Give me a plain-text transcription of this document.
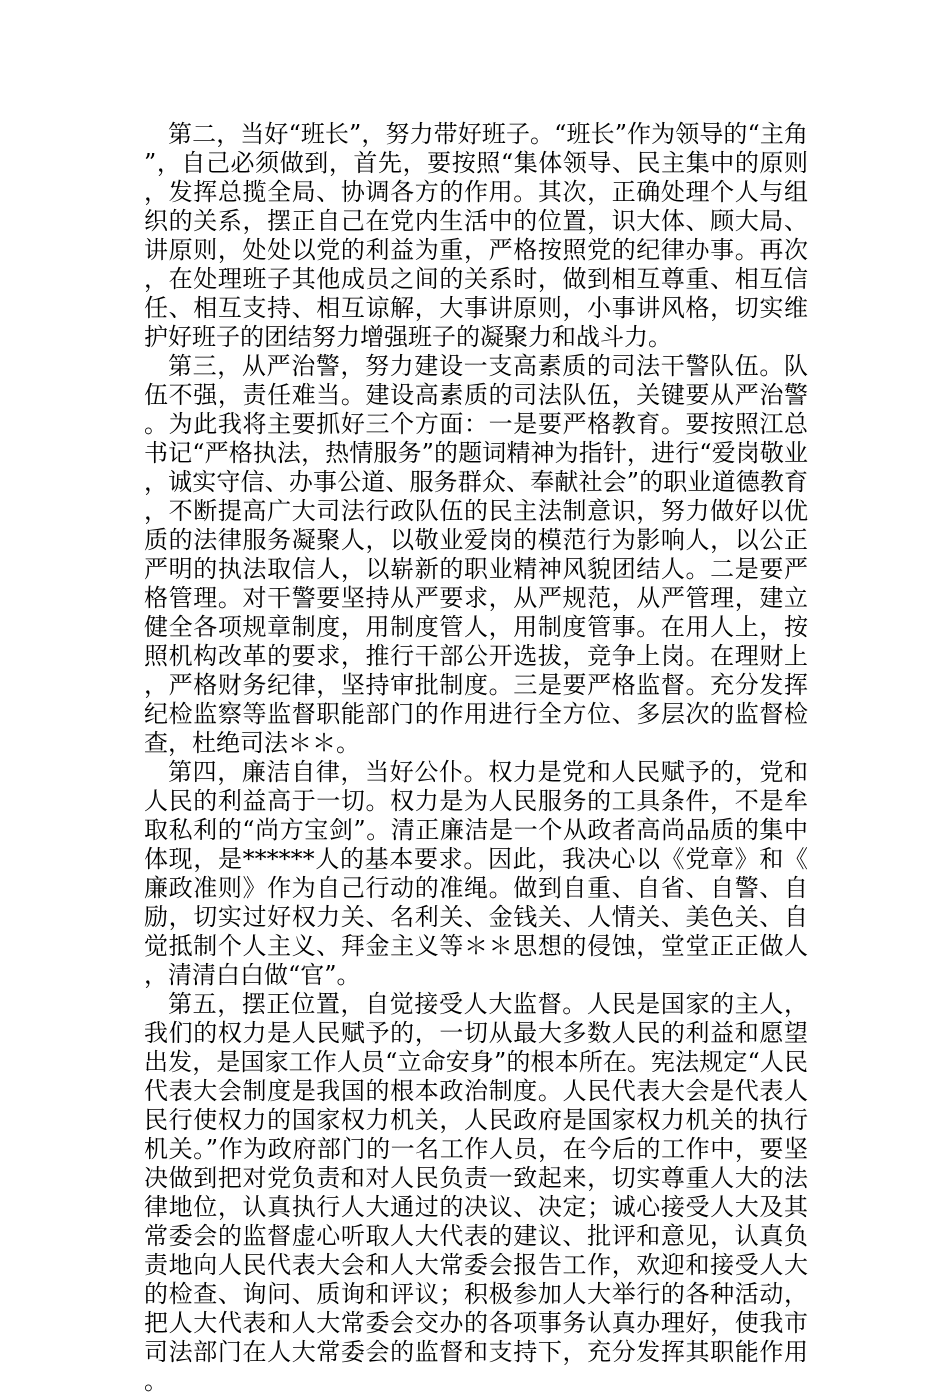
第二，当好“班长”，努力带好班子。“班长”作为领导的“主角”，自己必须做到，首先，要按照“集体领导、民主集中的原则，发挥总揽全局、协调各方的作用。其次，正确处理个人与组织的关系，摆正自己在党内生活中的位置，识大体、顾大局、讲原则，处处以党的利益为重，严格按照党的纪律办事。再次，在处理班子其他成员之间的关系时，做到相互尊重、相互信任、相互支持、相互谅解，大事讲原则，小事讲风格，切实维护好班子的团结努力增强班子的凝聚力和战斗力。

第三，从严治警，努力建设一支高素质的司法干警队伍。队伍不强，责任难当。建设高素质的司法队伍，关键要从严治警。为此我将主要抓好三个方面：一是要严格教育。要按照江总书记“严格执法，热情服务”的题词精神为指针，进行“爱岗敬业，诚实守信、办事公道、服务群众、奉献社会”的职业道德教育，不断提高广大司法行政队伍的民主法制意识，努力做好以优质的法律服务凝聚人，以敬业爱岗的模范行为影响人，以公正严明的执法取信人，以崭新的职业精神风貌团结人。二是要严格管理。对干警要坚持从严要求，从严规范，从严管理，建立健全各项规章制度，用制度管人，用制度管事。在用人上，按照机构改革的要求，推行干部公开选拔，竞争上岗。在理财上，严格财务纪律，坚持审批制度。三是要严格监督。充分发挥纪检监察等监督职能部门的作用进行全方位、多层次的监督检查，杜绝司法＊＊。

第四，廉洁自律，当好公仆。权力是党和人民赋予的，党和人民的利益高于一切。权力是为人民服务的工具条件，不是牟取私利的“尚方宝剑”。清正廉洁是一个从政者高尚品质的集中体现，是******人的基本要求。因此，我决心以《党章》和《廉政准则》作为自己行动的准绳。做到自重、自省、自警、自励，切实过好权力关、名利关、金钱关、人情关、美色关、自觉抵制个人主义、拜金主义等＊＊思想的侵蚀，堂堂正正做人，清清白白做“官”。

第五，摆正位置，自觉接受人大监督。人民是国家的主人，我们的权力是人民赋予的，一切从最大多数人民的利益和愿望出发，是国家工作人员“立命安身”的根本所在。宪法规定“人民代表大会制度是我国的根本政治制度。人民代表大会是代表人民行使权力的国家权力机关，人民政府是国家权力机关的执行机关。”作为政府部门的一名工作人员，在今后的工作中，要坚决做到把对党负责和对人民负责一致起来，切实尊重人大的法律地位，认真执行人大通过的决议、决定；诚心接受人大及其常委会的监督虚心听取人大代表的建议、批评和意见，认真负责地向人民代表大会和人大常委会报告工作，欢迎和接受人大的检查、询问、质询和评议；积极参加人大举行的各种活动，把人大代表和人大常委会交办的各项事务认真办理好，使我市司法部门在人大常委会的监督和支持下，充分发挥其职能作用。
